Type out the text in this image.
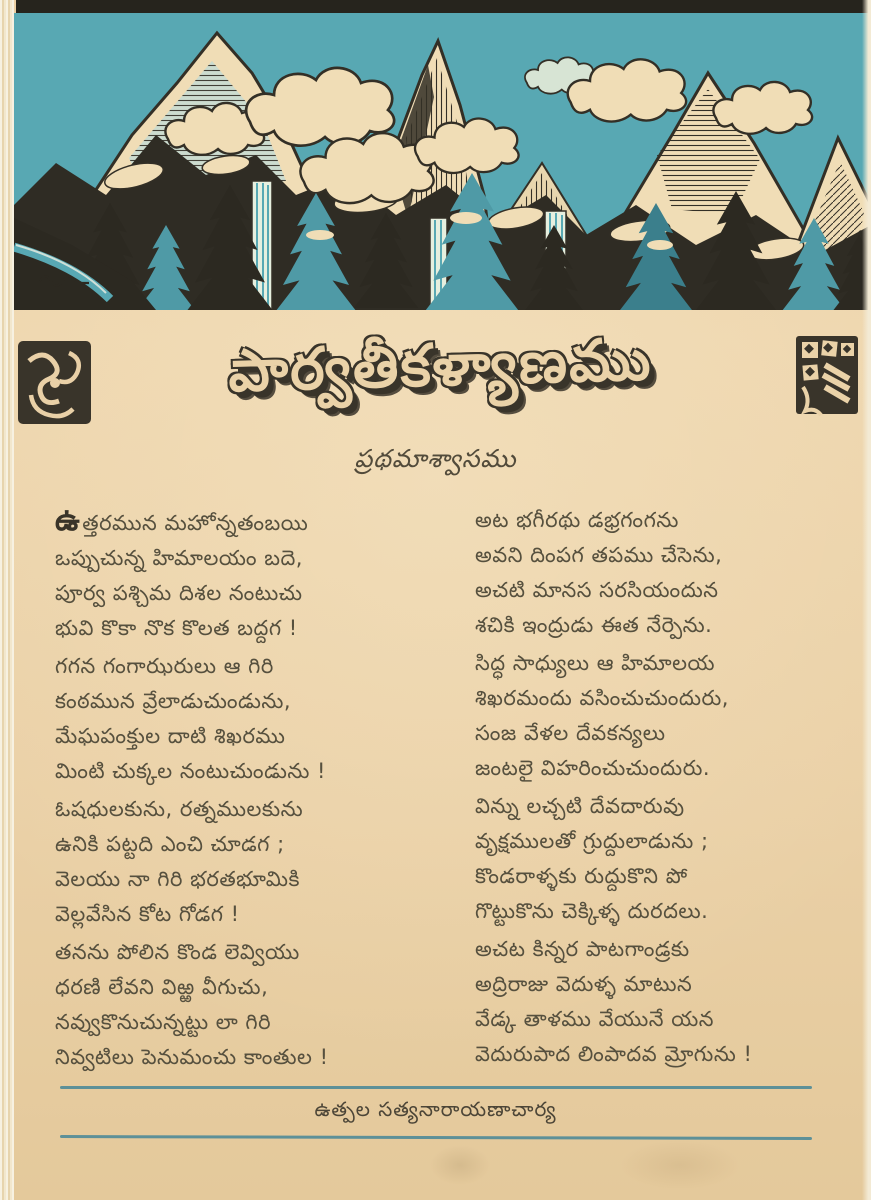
పార్వతీకళ్యాణము
ప్రథమాశ్వాసము
ఉత్తరమున మహోన్నతంబయి
ఒప్పుచున్న హిమాలయం బదె,
పూర్వ పశ్చిమ దిశల నంటుచు
భువి కొకా నొక కొలత బద్దగ !
గగన గంగాఝరులు ఆ గిరి
కంఠమున వ్రేలాడుచుండును,
మేఘపంక్తుల దాటి శిఖరము
మింటి చుక్కల నంటుచుండును !
ఓషధులకును, రత్నములకును
ఉనికి పట్టది ఎంచి చూడగ ;
వెలయు నా గిరి భరతభూమికి
వెల్లవేసిన కోట గోడగ !
తనను పోలిన కొండ లెవ్వియు
ధరణి లేవని విఱ్ఱ వీగుచు,
నవ్వుకొనుచున్నట్టు లా గిరి
నివ్వటిలు పెనుమంచు కాంతుల !
అట భగీరథు డభ్రగంగను
అవని దింపగ తపము చేసెను,
అచటి మానస సరసియందున
శచికి ఇంద్రుడు ఈత నేర్పెను.
సిద్ధ సాధ్యులు ఆ హిమాలయ
శిఖరమందు వసించుచుందురు,
సంజ వేళల దేవకన్యలు
జంటలై విహరించుచుందురు.
విన్ను లచ్చటి దేవదారువు
వృక్షములతో గ్రుద్దులాడును ;
కొండరాళ్ళకు రుద్దుకొని పో
గొట్టుకొను చెక్కిళ్ళ దురదలు.
అచట కిన్నర పాటగాండ్రకు
అద్రిరాజు వెదుళ్ళ మాటున
వేడ్క తాళము వేయునే యన
వెదురుపాద లింపాదవ మ్రోగును !
ఉత్పల సత్యనారాయణాచార్య
